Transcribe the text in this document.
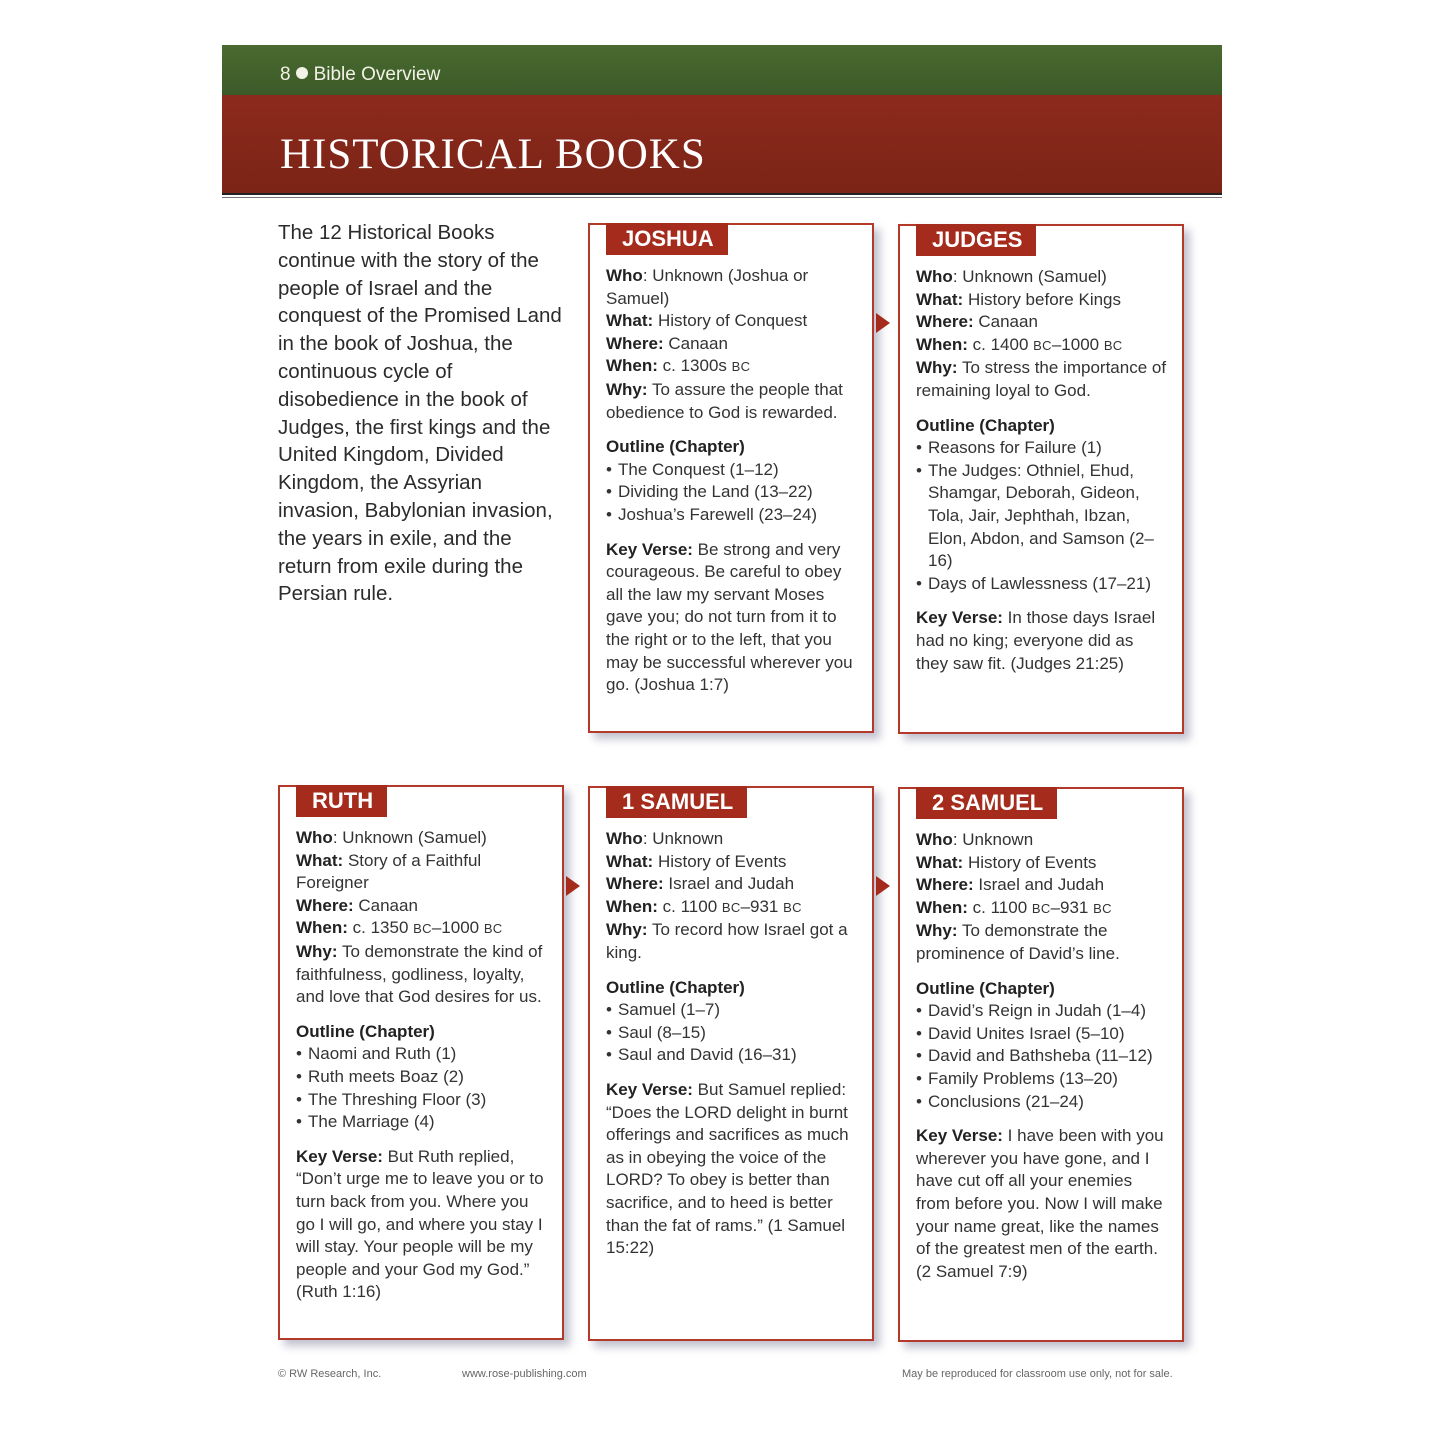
8 Bible Overview
HISTORICAL BOOKS

The 12 Historical Books continue with the story of the people of Israel and the conquest of the Promised Land in the book of Joshua, the continuous cycle of disobedience in the book of Judges, the first kings and the United Kingdom, Divided Kingdom, the Assyrian invasion, Babylonian invasion, the years in exile, and the return from exile during the Persian rule.

JOSHUA
Who: Unknown (Joshua or Samuel)
What: History of Conquest
Where: Canaan
When: c. 1300s BC
Why: To assure the people that obedience to God is rewarded.
Outline (Chapter)
• The Conquest (1–12)
• Dividing the Land (13–22)
• Joshua’s Farewell (23–24)
Key Verse: Be strong and very courageous. Be careful to obey all the law my servant Moses gave you; do not turn from it to the right or to the left, that you may be successful wherever you go. (Joshua 1:7)
JUDGES
Who: Unknown (Samuel)
What: History before Kings
Where: Canaan
When: c. 1400 BC–1000 BC
Why: To stress the importance of remaining loyal to God.
Outline (Chapter)
• Reasons for Failure (1)
• The Judges: Othniel, Ehud, Shamgar, Deborah, Gideon, Tola, Jair, Jephthah, Ibzan, Elon, Abdon, and Samson (2–16)
• Days of Lawlessness (17–21)
Key Verse: In those days Israel had no king; everyone did as they saw fit. (Judges 21:25)
RUTH
Who: Unknown (Samuel)
What: Story of a Faithful Foreigner
Where: Canaan
When: c. 1350 BC–1000 BC
Why: To demonstrate the kind of faithfulness, godliness, loyalty, and love that God desires for us.
Outline (Chapter)
• Naomi and Ruth (1)
• Ruth meets Boaz (2)
• The Threshing Floor (3)
• The Marriage (4)
Key Verse: But Ruth replied, “Don’t urge me to leave you or to turn back from you. Where you go I will go, and where you stay I will stay. Your people will be my people and your God my God.” (Ruth 1:16)
1 SAMUEL
Who: Unknown
What: History of Events
Where: Israel and Judah
When: c. 1100 BC–931 BC
Why: To record how Israel got a king.
Outline (Chapter)
• Samuel (1–7)
• Saul (8–15)
• Saul and David (16–31)
Key Verse: But Samuel replied: “Does the LORD delight in burnt offerings and sacrifices as much as in obeying the voice of the LORD? To obey is better than sacrifice, and to heed is better than the fat of rams.” (1 Samuel 15:22)
2 SAMUEL
Who: Unknown
What: History of Events
Where: Israel and Judah
When: c. 1100 BC–931 BC
Why: To demonstrate the prominence of David’s line.
Outline (Chapter)
• David’s Reign in Judah (1–4)
• David Unites Israel (5–10)
• David and Bathsheba (11–12)
• Family Problems (13–20)
• Conclusions (21–24)
Key Verse: I have been with you wherever you have gone, and I have cut off all your enemies from before you. Now I will make your name great, like the names of the greatest men of the earth. (2 Samuel 7:9)
© RW Research, Inc.	www.rose-publishing.com	May be reproduced for classroom use only, not for sale.
